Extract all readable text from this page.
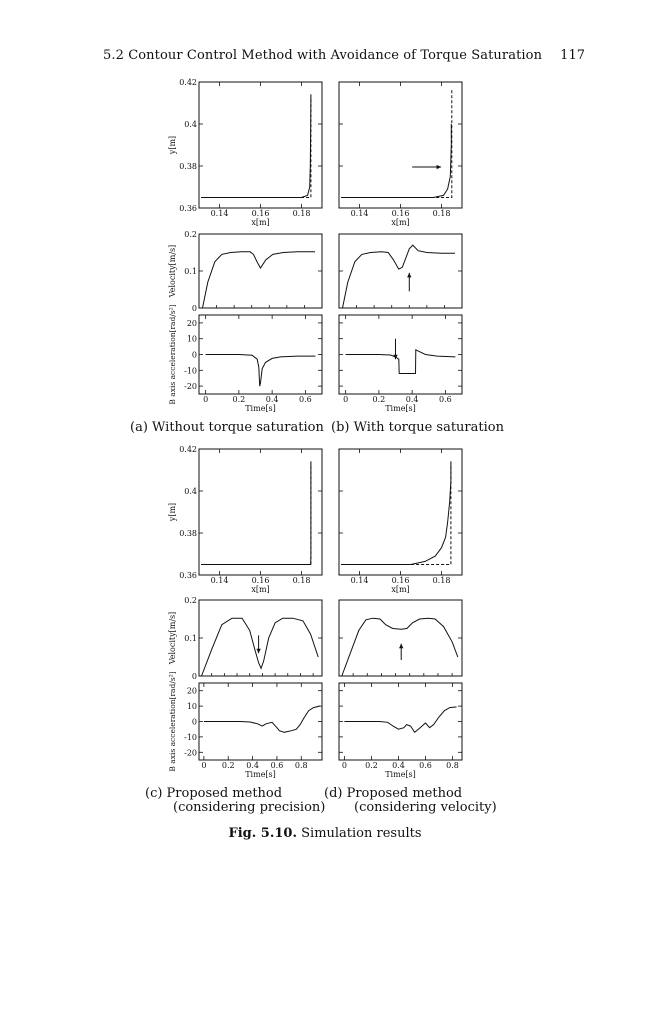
5.2 Contour Control Method with Avoidance of Torque Saturation 117
0.36
0.38
0.4
0.42
0.14	0.16	0.18
x[m]
y[m]
0
0.1
0.2
Velocity[m/s]
20
10
0
-10
-20
0	0.2	0.4	0.6
Time[s]
B axis acceleration[rad/s²]
0.14	0.16	0.18
x[m]
0	0.2	0.4	0.6
Time[s]
0.36
0.38
0.4
0.42
0.14	0.16	0.18
x[m]
y[m]
0
0.1
0.2
Velocity[m/s]
20
10
0
-10
-20
0 0.2 0.4 0.6 0.8
Time[s]
B axis acceleration[rad/s²]
0.14	0.16	0.18
x[m]
0 0.2 0.4 0.6 0.8
Time[s]
(a) Without torque saturation (b) With torque saturation
(c) Proposed method
(considering precision)
(d) Proposed method
(considering velocity)
Fig. 5.10. Simulation results
